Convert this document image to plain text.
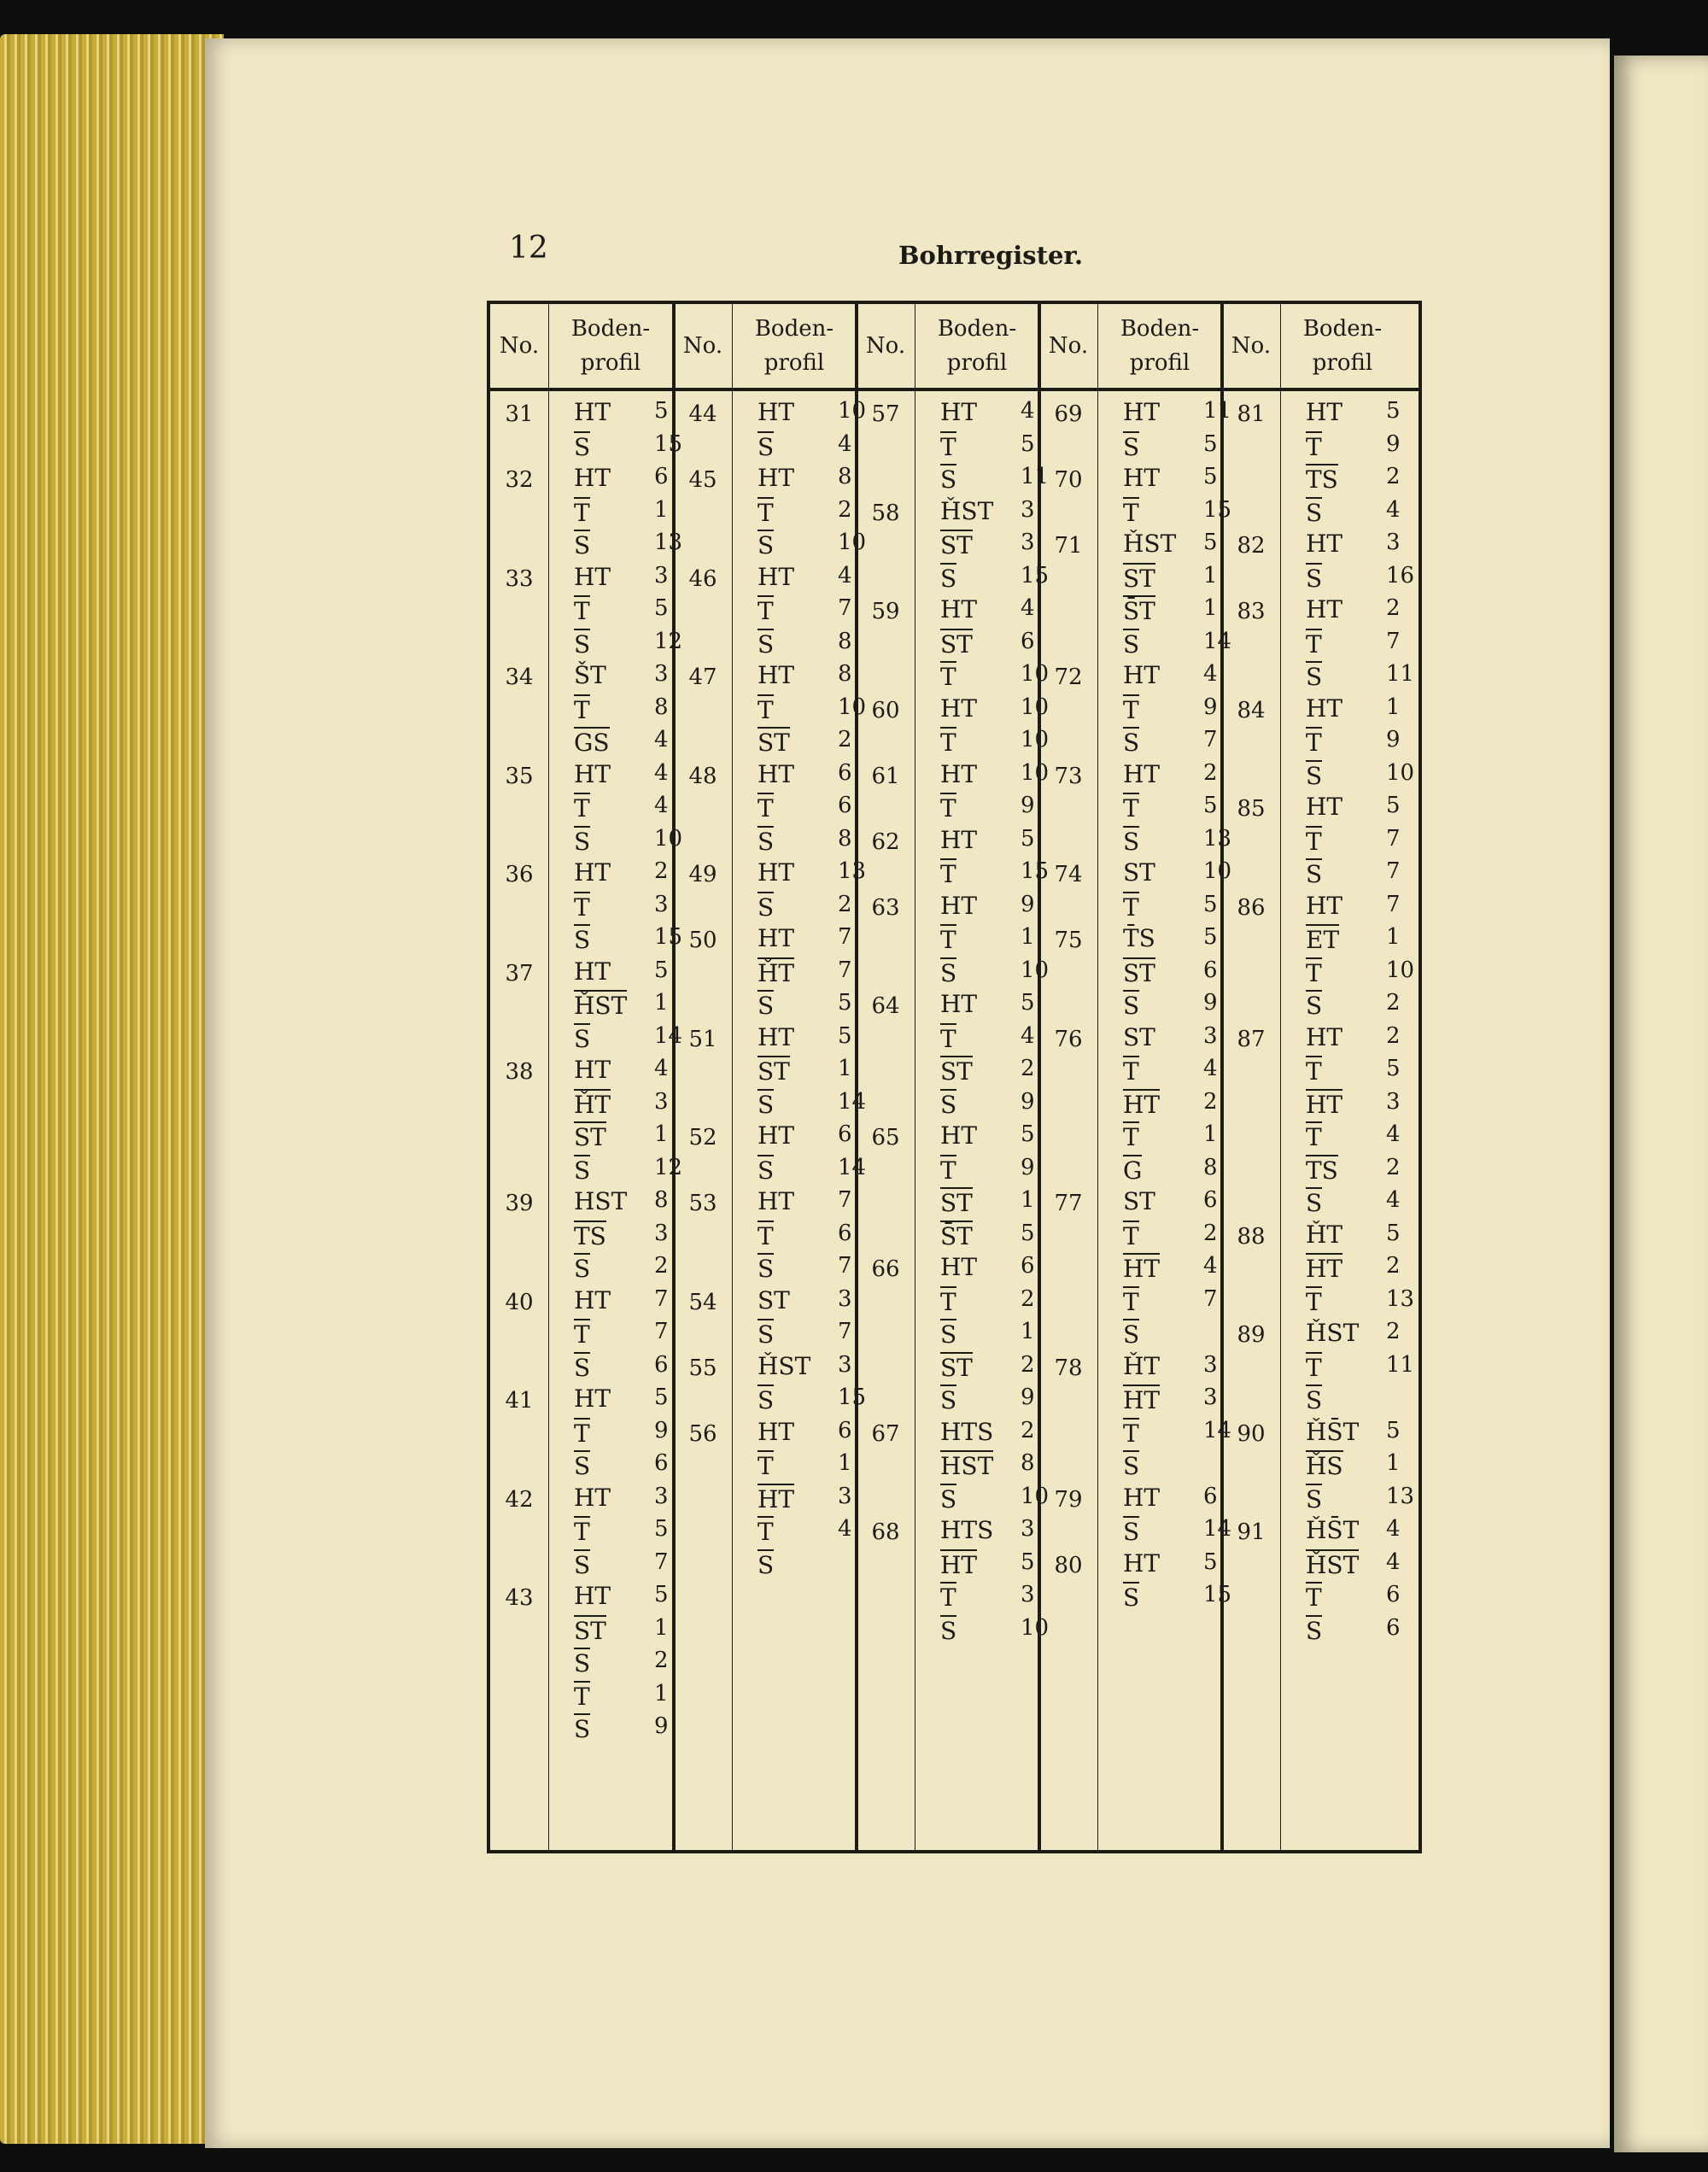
12	Bohrregister.
No.
Boden-
profil
31	HT 5
S	15
32	HT 6
T	1
S	13
33	HT 3
T	5
S	12
34	ŠT 3
T	8
GS 4
35	HT 4
T	4
S	10
36	HT 2
T	3
S	15
37	HT 5
ȞST 1
S	14
38	HT 4
ȞT 3
ST 1
S	12
39	HST 8
TS 3
S	2
40	HT 7
T	7
S	6
41	HT 5
T	9
S	6
42	HT 3
T	5
S	7
43	HT 5
ST 1
S	2
T	1
S	9
No.
Boden-
profil
44	HT 10
S	4
45	HT 8
T	2
S	10
46	HT 4
T	7
S	8
47	HT 8
T	10
ST 2
48	HT 6
T	6
S	8
49	HT 13
S	2
50	HT 7
ȞT 7
S	5
51	HT 5
ST 1
S	14
52	HT 6
S	14
53	HT 7
T	6
S	7
54	ST 3
S	7
55	ȞST 3
S	15
56	HT 6
T	1
HT 3
T	4
S
No.
Boden-
profil
57	HT 4
T	5
S	11
58	ȞST 3
ST 3
S	15
59	HT 4
ST 6
T	10
60	HT 10
T	10
61	HT 10
T	9
62	HT 5
T	15
63	HT 9
T	1
S	10
64	HT 5
T	4
ST 2
S	9
65	HT 5
T	9
ST 1
S̄T 5
66	HT 6
T	2
S	1
ST 2
S	9
67	HTS 2
HST 8
S	10
68	HTS 3
HT 5
T	3
S	10
No.
Boden-
profil
69	HT 11
S	5
70	HT 5
T	15
71	ȞST 5
ST 1
S̄T 1
S	14
72	HT 4
T	9
S	7
73	HT 2
T	5
S	13
74	ST 10
T	5
75	T̄S 5
ST 6
S	9
76	ST 3
T	4
HT 2
T	1
G	8
77	ST 6
T	2
HT 4
T	7
S
78	ȞT 3
HT 3
T	14
S
79	HT 6
S	14
80	HT 5
S	15
No.
Boden-
profil
81	HT 5
T	9
TS 2
S	4
82	HT 3
S	16
83	HT 2
T	7
S	11
84	HT 1
T	9
S	10
85	HT 5
T	7
S	7
86	HT 7
ET 1
T	10
S	2
87	HT 2
T	5
HT 3
T	4
TS 2
S	4
88	ȞT 5
HT 2
T	13
89	ȞST 2
T	11
S
90	ȞS̄T 5
ȞS 1
S	13
91	ȞS̄T 4
ȞST 4
T	6
S	6
